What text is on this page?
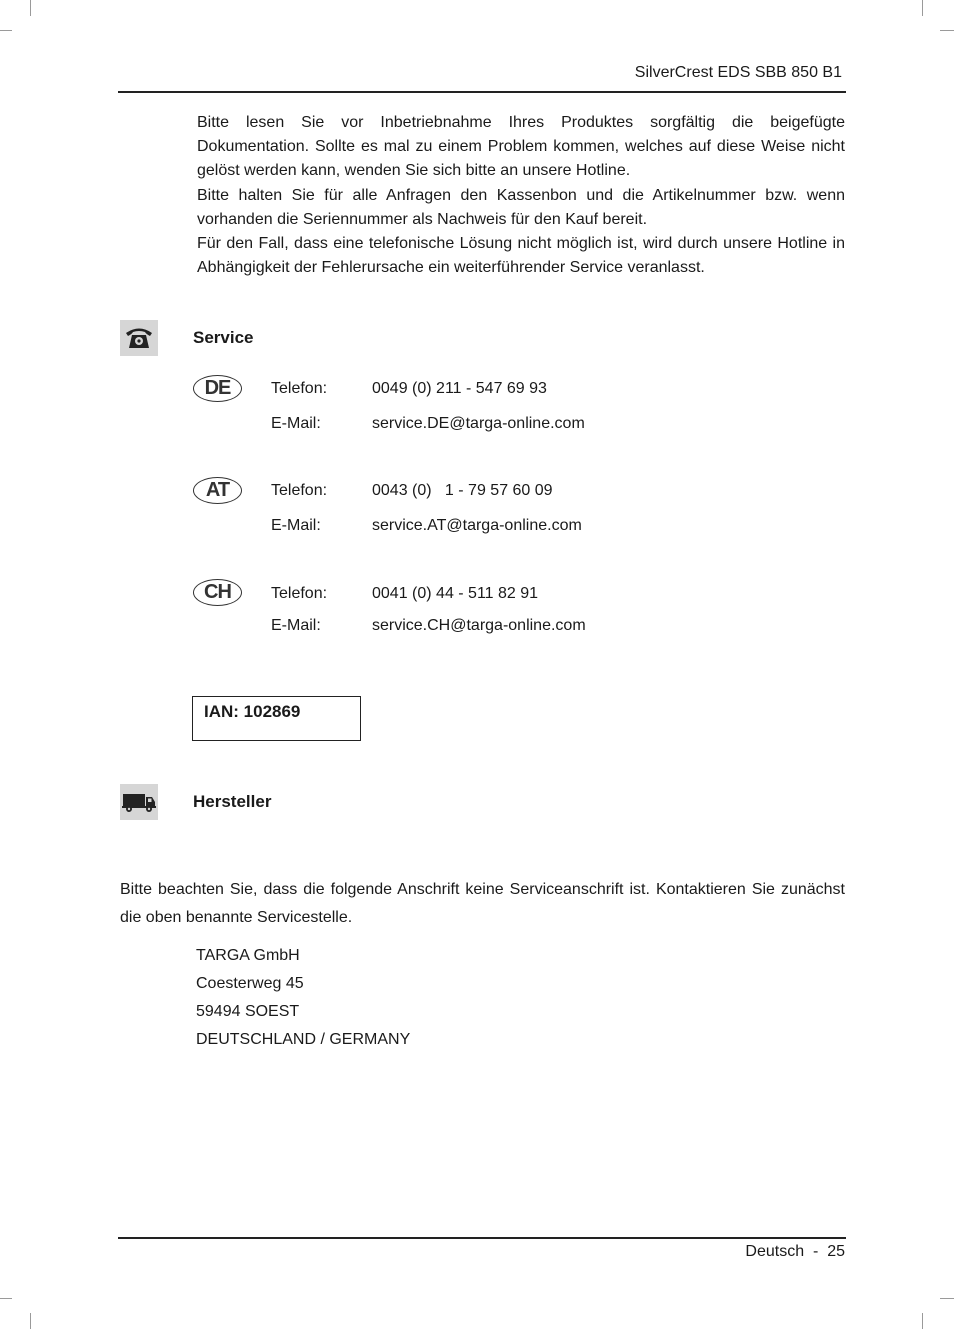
SilverCrest EDS SBB 850 B1

Bitte lesen Sie vor Inbetriebnahme Ihres Produktes sorgfältig die beigefügte Dokumentation. Sollte es mal zu einem Problem kommen, welches auf diese Weise nicht gelöst werden kann, wenden Sie sich bitte an unsere Hotline.

Bitte halten Sie für alle Anfragen den Kassenbon und die Artikelnummer bzw. wenn vorhanden die Seriennummer als Nachweis für den Kauf bereit.

Für den Fall, dass eine telefonische Lösung nicht möglich ist, wird durch unsere Hotline in Abhängigkeit der Fehlerursache ein weiterführender Service veranlasst.

Service
DE	Telefon:	0049 (0) 211 - 547 69 93
E-Mail:	service.DE@targa-online.com
AT	Telefon:	0043 (0)   1 - 79 57 60 09
E-Mail:	service.AT@targa-online.com
CH	Telefon:	0041 (0) 44 - 511 82 91
E-Mail:	service.CH@targa-online.com
IAN: 102869
Hersteller

Bitte beachten Sie, dass die folgende Anschrift keine Serviceanschrift ist. Kontaktieren Sie zunächst die oben benannte Servicestelle.

TARGA GmbH
Coesterweg 45
59494 SOEST
DEUTSCHLAND / GERMANY
Deutsch  -  25
